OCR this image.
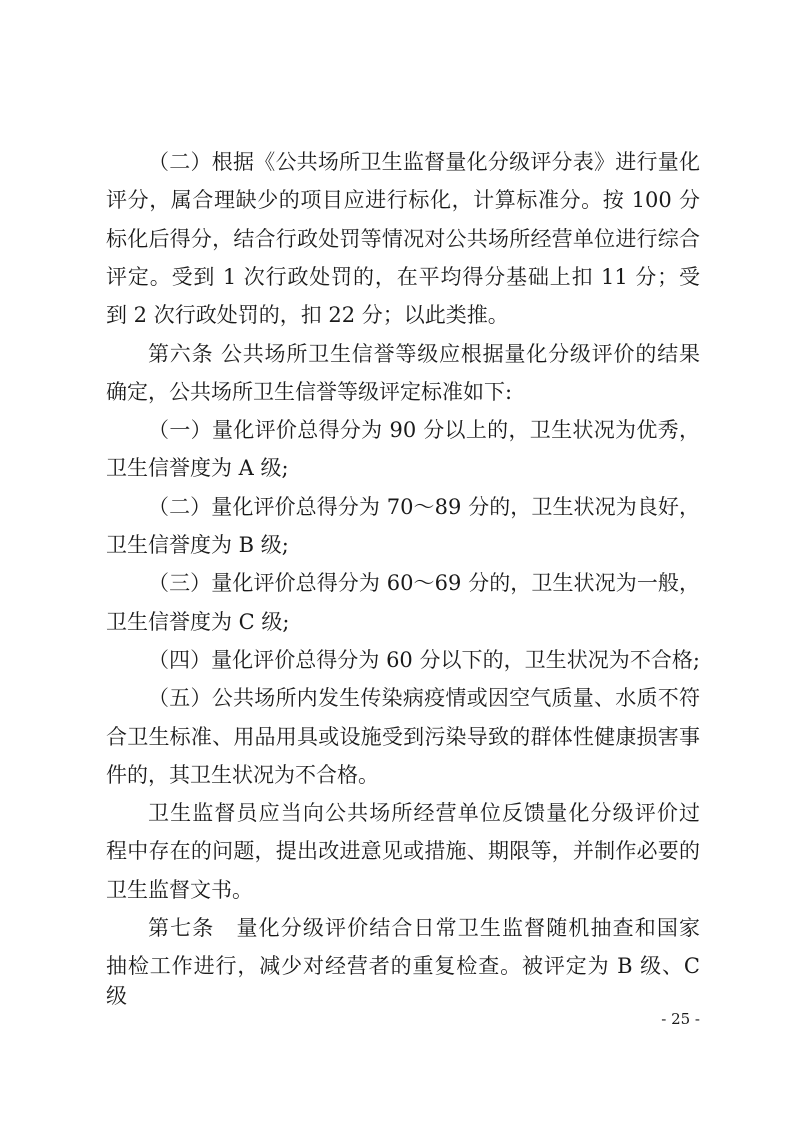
（二）根据《公共场所卫生监督量化分级评分表》进行量化
评分，属合理缺少的项目应进行标化，计算标准分。按 100 分
标化后得分，结合行政处罚等情况对公共场所经营单位进行综合
评定。受到 1 次行政处罚的，在平均得分基础上扣 11 分；受
到 2 次行政处罚的，扣 22 分；以此类推。
第六条 公共场所卫生信誉等级应根据量化分级评价的结果
确定，公共场所卫生信誉等级评定标准如下:
（一）量化评价总得分为 90 分以上的，卫生状况为优秀，
卫生信誉度为 A 级;
（二）量化评价总得分为 70～89 分的，卫生状况为良好，
卫生信誉度为 B 级;
（三）量化评价总得分为 60～69 分的，卫生状况为一般，
卫生信誉度为 C 级;
（四）量化评价总得分为 60 分以下的，卫生状况为不合格;
（五）公共场所内发生传染病疫情或因空气质量、水质不符
合卫生标准、用品用具或设施受到污染导致的群体性健康损害事
件的，其卫生状况为不合格。
卫生监督员应当向公共场所经营单位反馈量化分级评价过
程中存在的问题，提出改进意见或措施、期限等，并制作必要的
卫生监督文书。
第七条　量化分级评价结合日常卫生监督随机抽查和国家
抽检工作进行，减少对经营者的重复检查。被评定为 B 级、C 级
- 25 -
